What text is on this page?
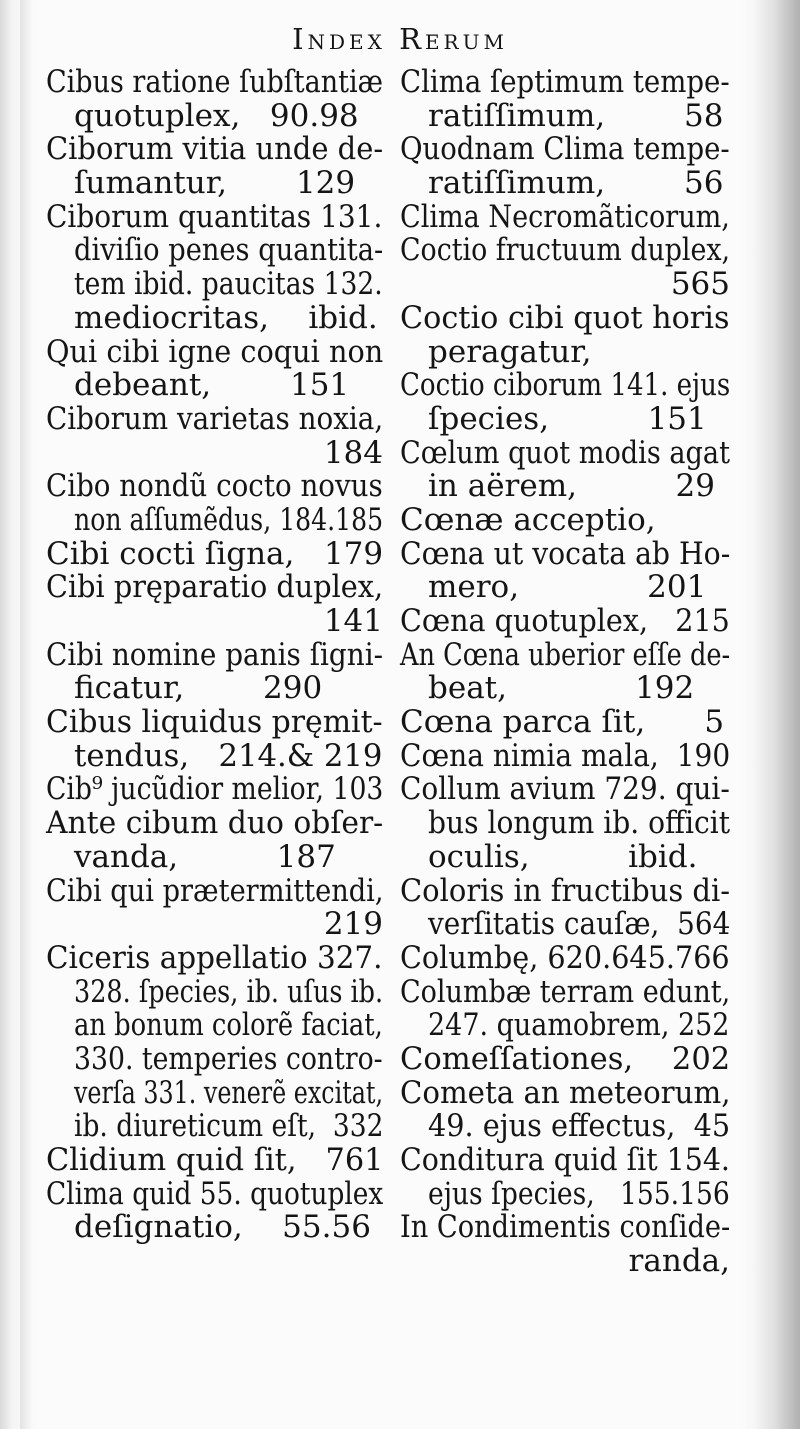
Index Rerum
Cibus ratione ſubſtantiæ
quotuplex,   90.98
Ciborum vitia unde de-
ſumantur,       129
Ciborum quantitas 131.
diviſio penes quantita-
tem ibid. paucitas 132.
mediocritas,    ibid.
Qui cibi igne coqui non
debeant,        151
Ciborum varietas noxia,
184
Cibo nondũ cocto novus
non aſſumẽdus, 184.185
Cibi cocti ſigna,   179
Cibi pręparatio duplex,
141
Cibi nomine panis ſigni-
ficatur,        290
Cibus liquidus pręmit-
tendus,   214.& 219
Cib⁹ jucũdior melior, 103
Ante cibum duo obſer-
vanda,          187
Cibi qui prætermittendi,
219
Ciceris appellatio 327.
328. ſpecies, ib. uſus ib.
an bonum colorẽ faciat,
330. temperies contro-
verſa 331. venerẽ excitat,
ib. diureticum eſt,  332
Clidium quid ſit,   761
Clima quid 55. quotuplex
deſignatio,    55.56
Clima ſeptimum tempe-
ratiſſimum,        58
Quodnam Clima tempe-
ratiſſimum,        56
Clima Necromãticorum,
Coctio fructuum duplex,
565
Coctio cibi quot horis
peragatur,
Coctio ciborum 141. ejus
ſpecies,          151
Cœlum quot modis agat
in aërem,          29
Cœnæ acceptio,
Cœna ut vocata ab Ho-
mero,             201
Cœna quotuplex,   215
An Cœna uberior eſſe de-
beat,             192
Cœna parca ſit,      5
Cœna nimia mala,  190
Collum avium 729. qui-
bus longum ib. officit
oculis,          ibid.
Coloris in fructibus di-
verſitatis cauſæ,  564
Columbę, 620.645.766
Columbæ terram edunt,
247. quamobrem, 252
Comeſſationes,    202
Cometa an meteorum,
49. ejus effectus,  45
Conditura quid ſit 154.
ejus ſpecies,   155.156
In Condimentis conſide-
randa,
